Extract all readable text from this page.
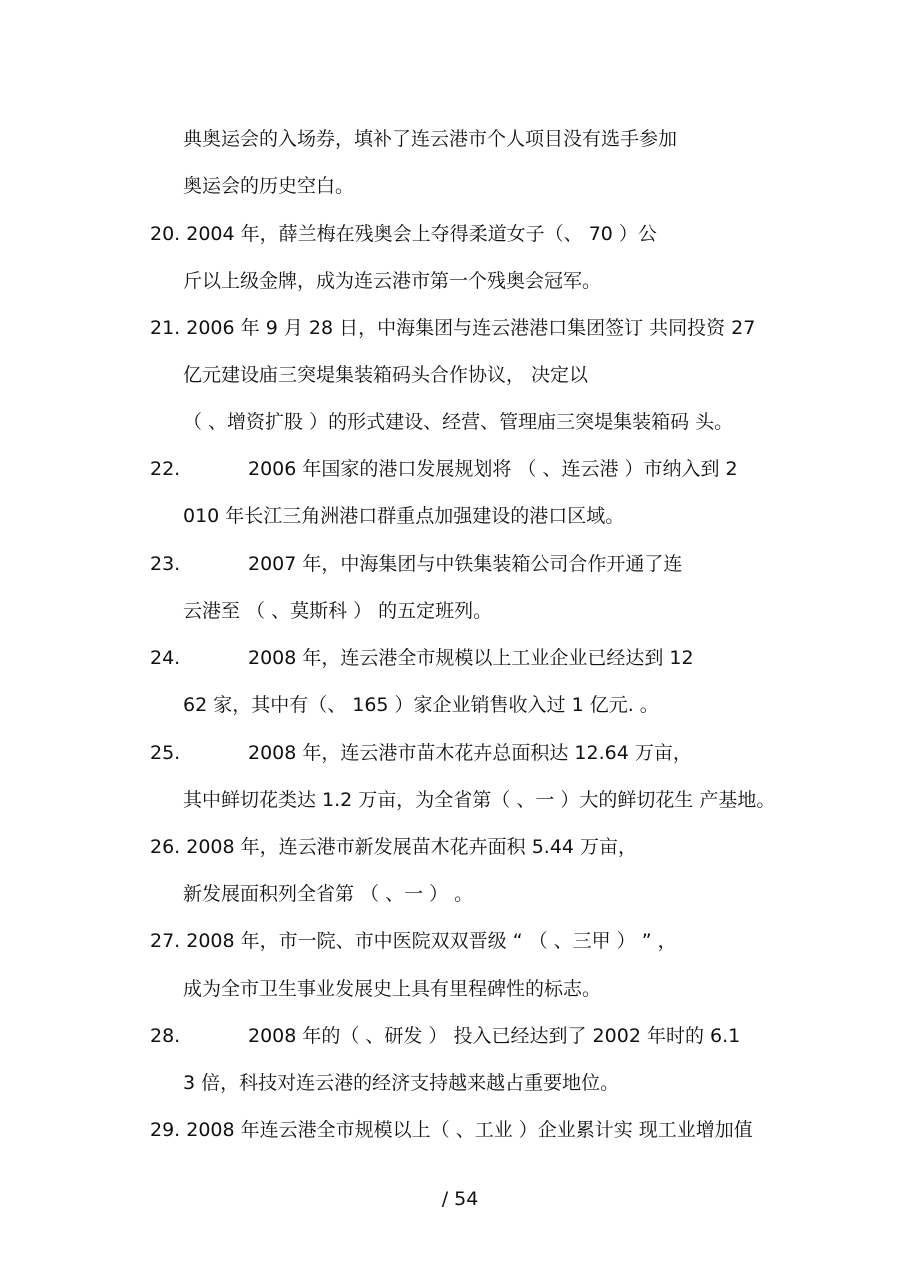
典奥运会的入场券，填补了连云港市个人项目没有选手参加
奥运会的历史空白。
20. 2004 年，薛兰梅在残奥会上夺得柔道女子（、 70 ）公
斤以上级金牌，成为连云港市第一个残奥会冠军。
21. 2006 年 9 月 28 日，中海集团与连云港港口集团签订 共同投资 27
亿元建设庙三突堤集装箱码头合作协议， 决定以
（ 、增资扩股 ）的形式建设、经营、管理庙三突堤集装箱码 头。
22.	2006 年国家的港口发展规划将 （ 、连云港 ）市纳入到 2
010 年长江三角洲港口群重点加强建设的港口区域。
23.	2007 年，中海集团与中铁集装箱公司合作开通了连
云港至 （ 、莫斯科 ） 的五定班列。
24.	2008 年，连云港全市规模以上工业企业已经达到 12
62 家，其中有（、 165 ）家企业销售收入过 1 亿元. 。
25.	2008 年，连云港市苗木花卉总面积达 12.64 万亩，
其中鲜切花类达 1.2 万亩，为全省第（ 、一 ）大的鲜切花生 产基地。
26. 2008 年，连云港市新发展苗木花卉面积 5.44 万亩，
新发展面积列全省第 （ 、一 ） 。
27. 2008 年，市一院、市中医院双双晋级 “ （ 、三甲 ） ” ，
成为全市卫生事业发展史上具有里程碑性的标志。
28.	2008 年的（ 、研发 ） 投入已经达到了 2002 年时的 6.1
3 倍，科技对连云港的经济支持越来越占重要地位。
29. 2008 年连云港全市规模以上（ 、工业 ）企业累计实 现工业增加值
/ 54
